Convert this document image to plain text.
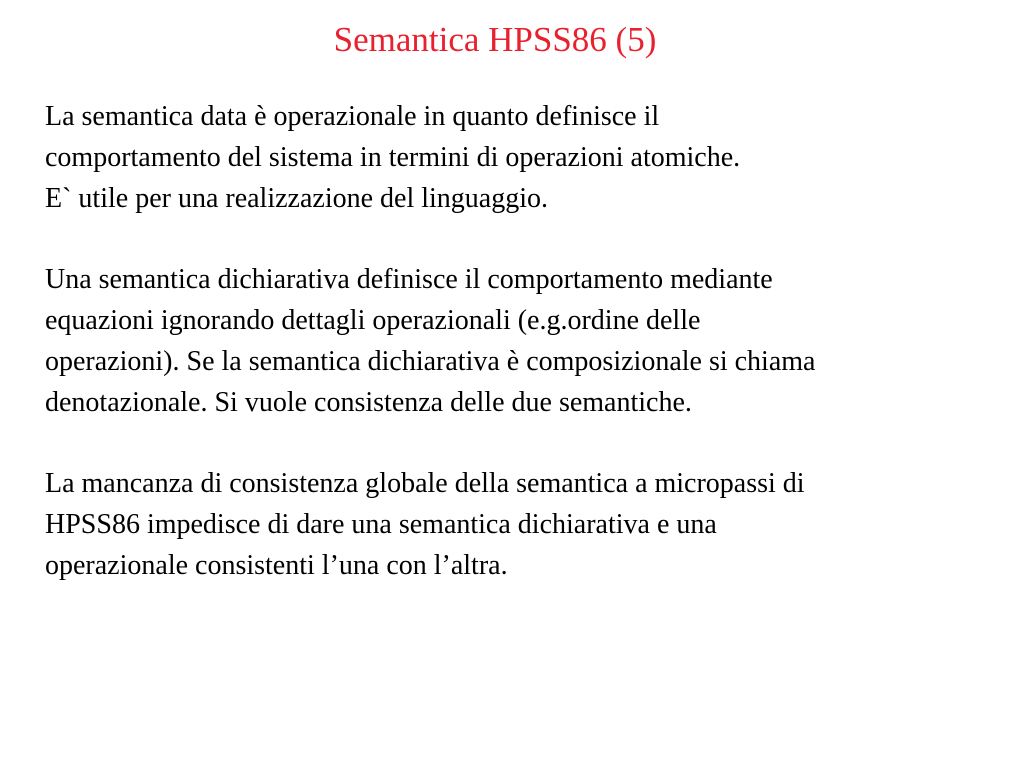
Semantica HPSS86 (5)

La semantica data è operazionale in quanto definisce il
comportamento del sistema in termini di operazioni atomiche.
E` utile per una realizzazione del linguaggio.

Una semantica dichiarativa definisce il comportamento mediante
equazioni ignorando dettagli operazionali (e.g.ordine delle
operazioni). Se la semantica dichiarativa è composizionale si chiama
denotazionale. Si vuole consistenza delle due semantiche.

La mancanza di consistenza globale della semantica a micropassi di
HPSS86 impedisce di dare una semantica dichiarativa e una
operazionale consistenti l’una con l’altra.
